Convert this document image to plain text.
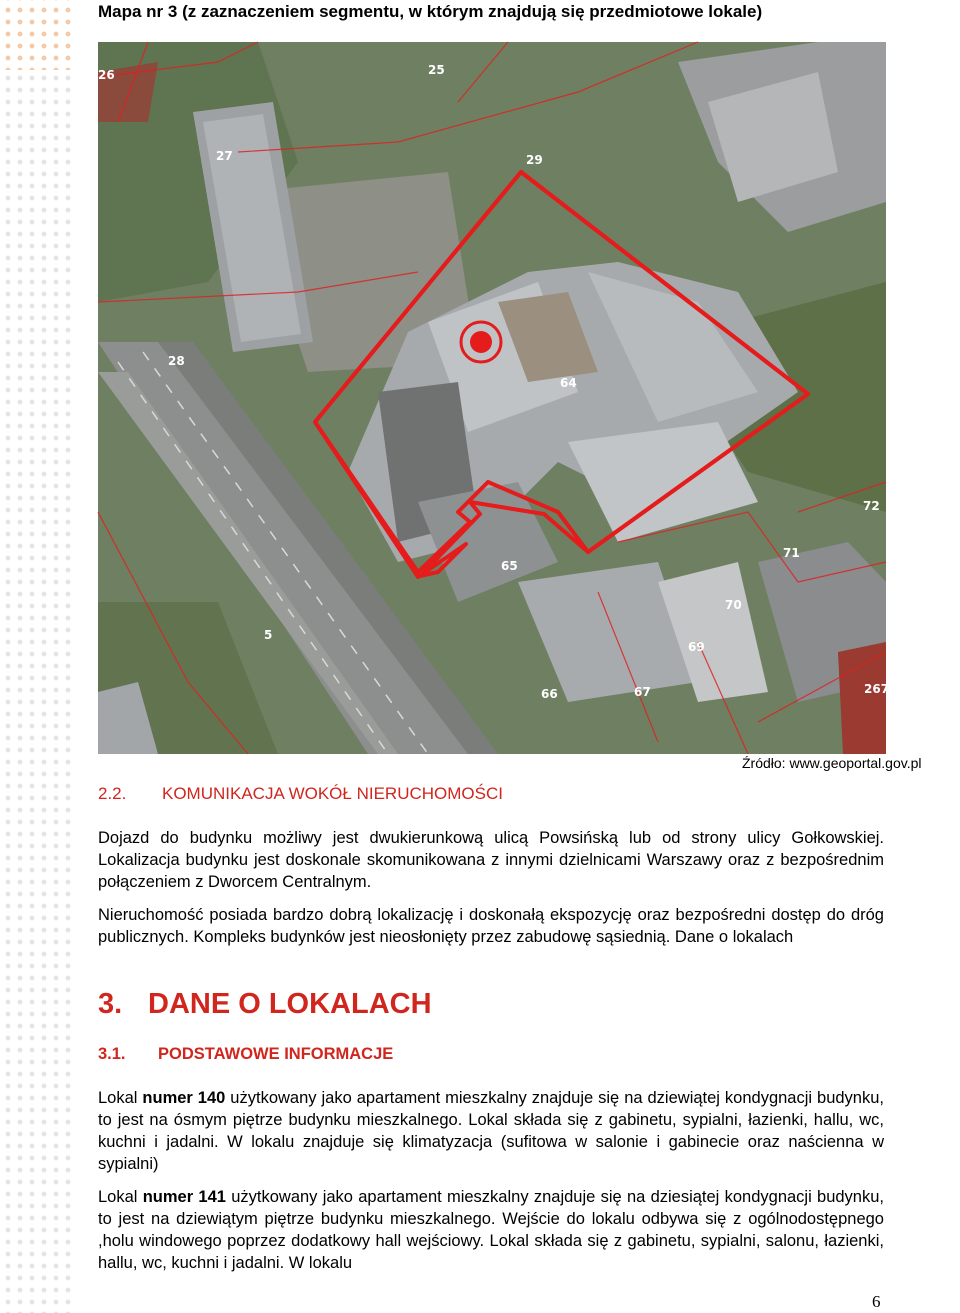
Mapa nr 3 (z zaznaczeniem segmentu, w którym znajdują się przedmiotowe lokale)
26	25
27	29
28
64
72
71
65
70
5
69
66	67	267
Źródło: www.geoportal.gov.pl
2.2. KOMUNIKACJA WOKÓŁ NIERUCHOMOŚCI
Dojazd do budynku możliwy jest dwukierunkową ulicą Powsińską lub od strony ulicy Gołkowskiej. Lokalizacja budynku jest doskonale skomunikowana z innymi dzielnicami Warszawy oraz z bezpośrednim połączeniem z Dworcem Centralnym.
Nieruchomość posiada bardzo dobrą lokalizację i doskonałą ekspozycję oraz bezpośredni dostęp do dróg publicznych. Kompleks budynków jest nieosłonięty przez zabudowę sąsiednią. Dane o lokalach
3. DANE O LOKALACH
3.1. PODSTAWOWE INFORMACJE
Lokal numer 140 użytkowany jako apartament mieszkalny znajduje się na dziewiątej kondygnacji budynku, to jest na ósmym piętrze budynku mieszkalnego. Lokal składa się z gabinetu, sypialni, łazienki, hallu, wc, kuchni i jadalni. W lokalu znajduje się klimatyzacja (sufitowa w salonie i gabinecie oraz naścienna w sypialni)
Lokal numer 141 użytkowany jako apartament mieszkalny znajduje się na dziesiątej kondygnacji budynku, to jest na dziewiątym piętrze budynku mieszkalnego. Wejście do lokalu odbywa się z ogólnodostępnego ,holu windowego poprzez dodatkowy hall wejściowy. Lokal składa się z gabinetu, sypialni, salonu, łazienki, hallu, wc, kuchni i jadalni. W lokalu
6
